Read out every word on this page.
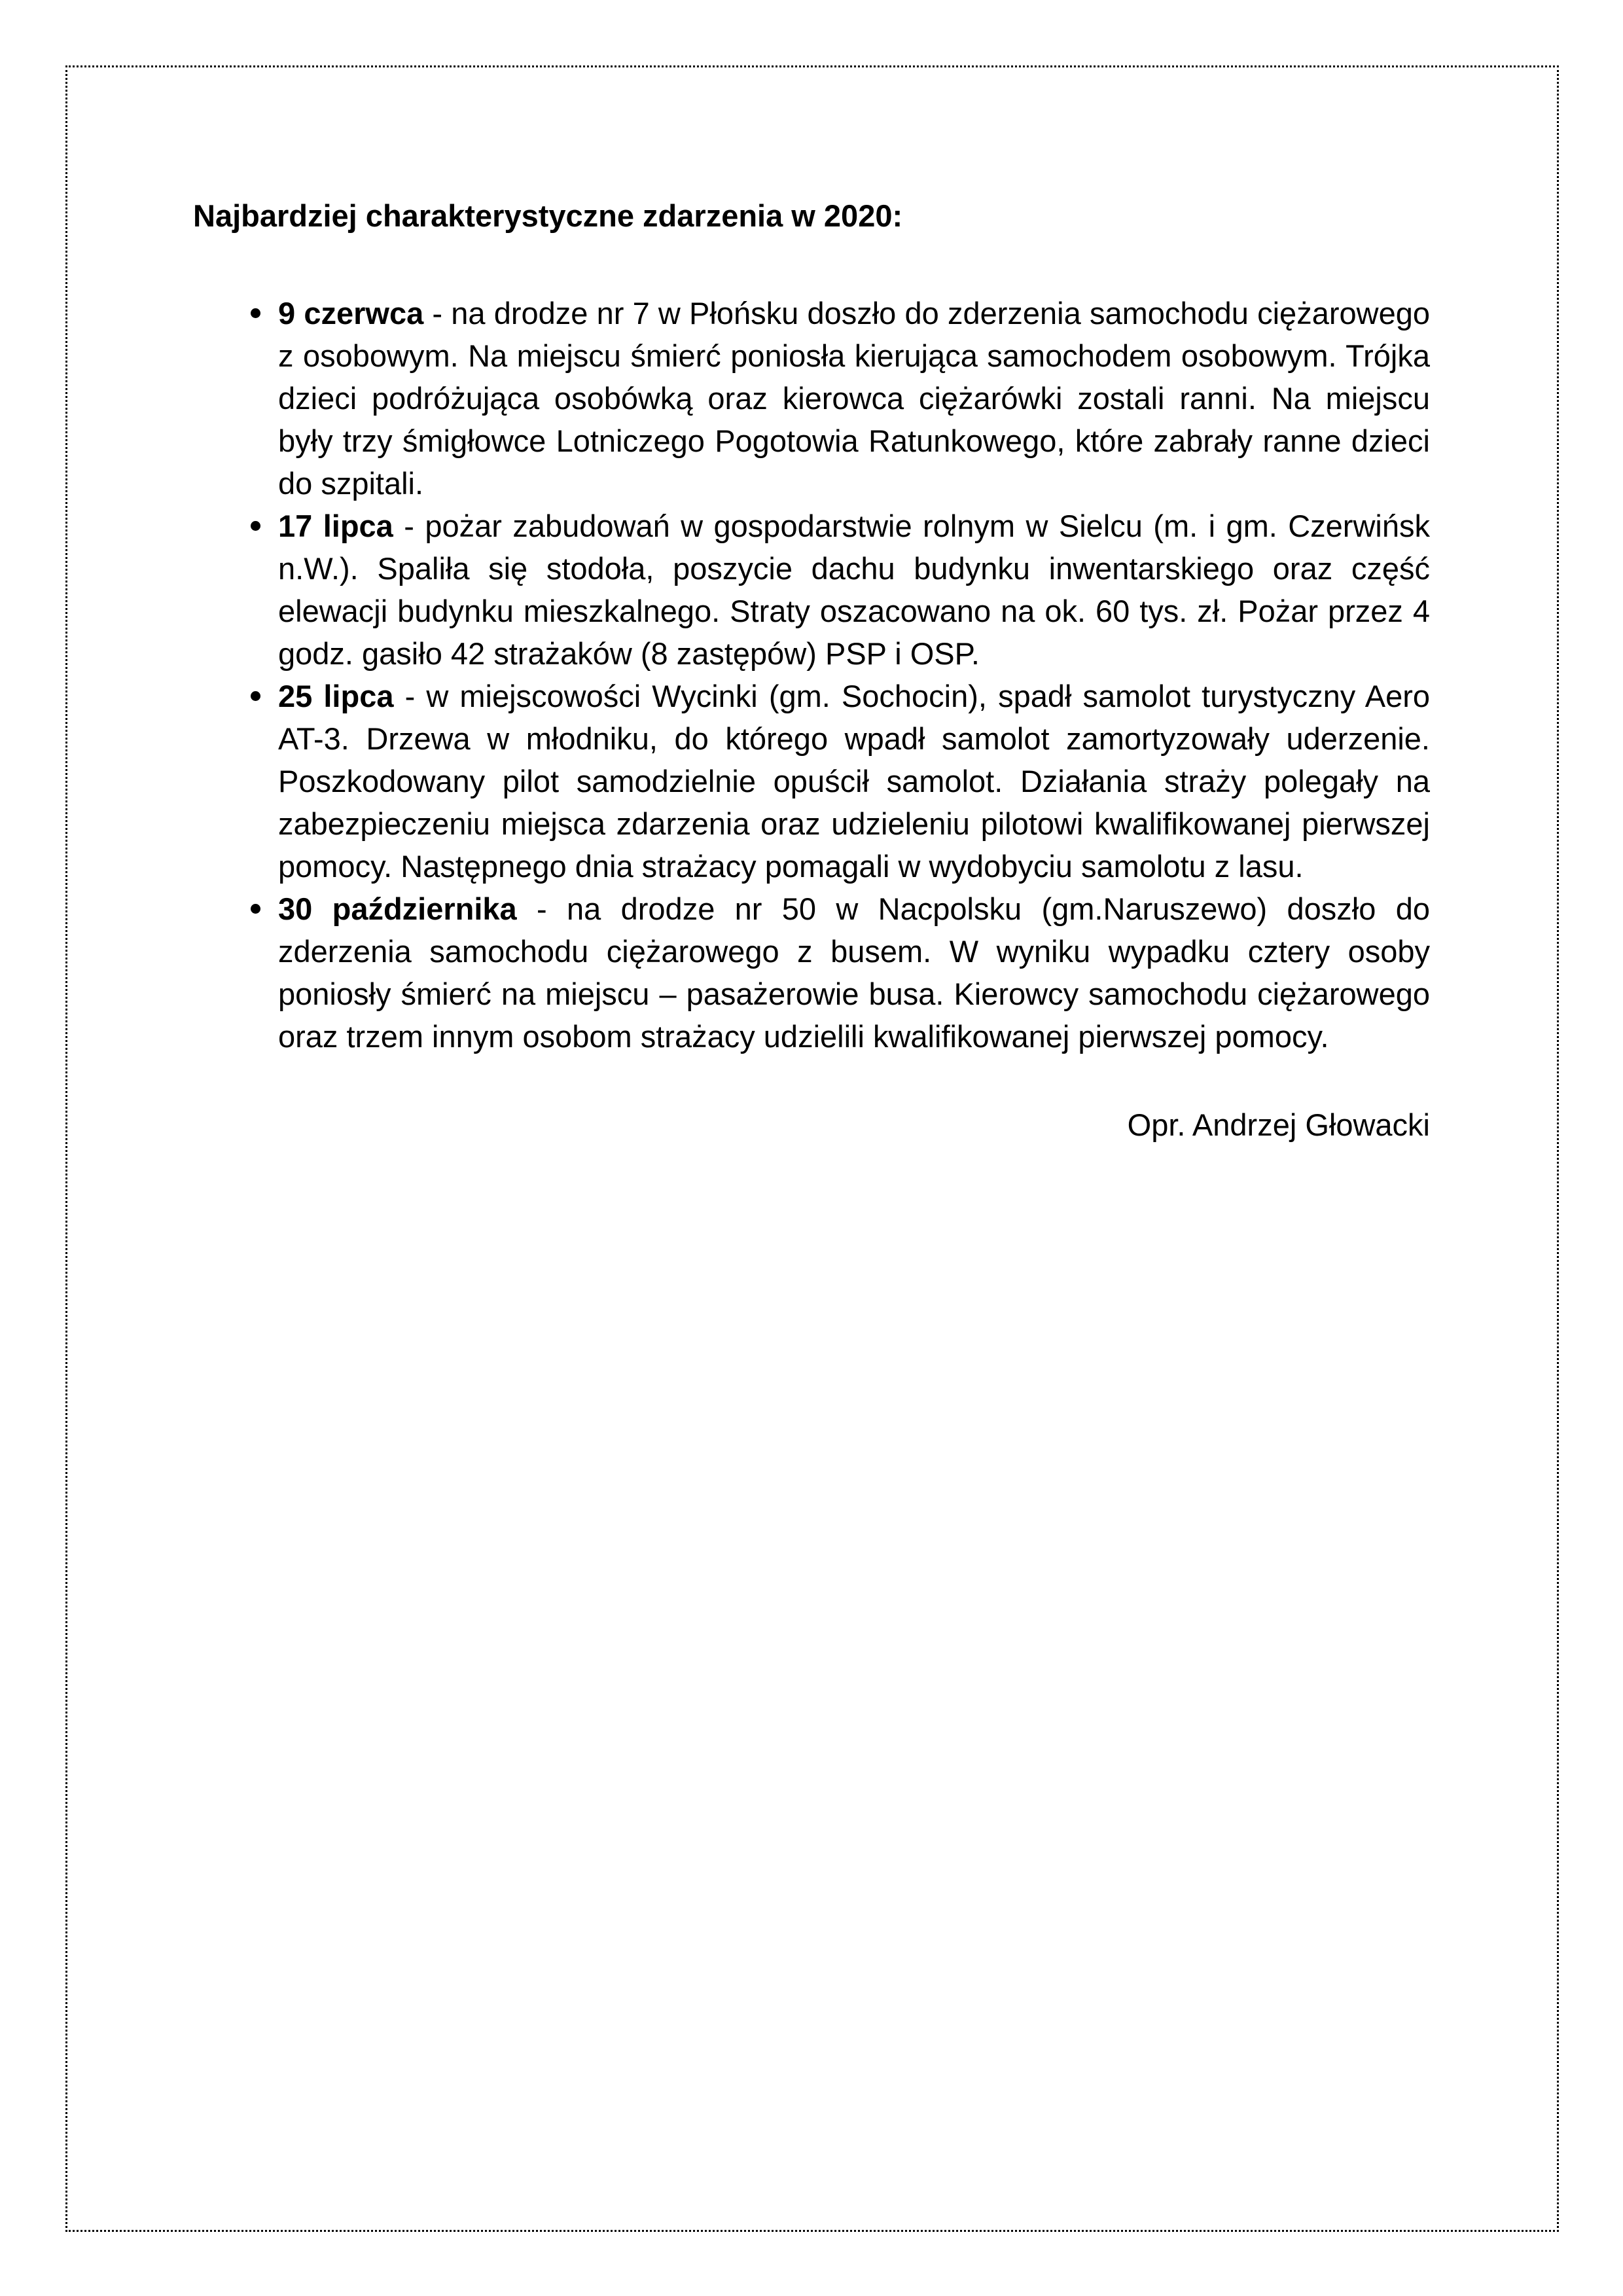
Najbardziej charakterystyczne zdarzenia w 2020:
9 czerwca - na drodze nr 7 w Płońsku doszło do zderzenia samochodu ciężarowego z osobowym. Na miejscu śmierć poniosła kierująca samochodem osobowym. Trójka dzieci podróżująca osobówką oraz kierowca ciężarówki zostali ranni. Na miejscu były trzy śmigłowce Lotniczego Pogotowia Ratunkowego, które zabrały ranne dzieci do szpitali.
17 lipca - pożar zabudowań w gospodarstwie rolnym w Sielcu (m. i gm. Czerwińsk n.W.). Spaliła się stodoła, poszycie dachu budynku inwentarskiego oraz część elewacji budynku mieszkalnego. Straty oszacowano na ok. 60 tys. zł. Pożar przez 4 godz. gasiło 42 strażaków (8 zastępów) PSP i OSP.
25 lipca - w miejscowości Wycinki (gm. Sochocin), spadł samolot turystyczny Aero AT-3. Drzewa w młodniku, do którego wpadł samolot zamortyzowały uderzenie. Poszkodowany pilot samodzielnie opuścił samolot. Działania straży polegały na zabezpieczeniu miejsca zdarzenia oraz udzieleniu pilotowi kwalifikowanej pierwszej pomocy. Następnego dnia strażacy pomagali w wydobyciu samolotu z lasu.
30 października - na drodze nr 50 w Nacpolsku (gm.Naruszewo) doszło do zderzenia samochodu ciężarowego z busem. W wyniku wypadku cztery osoby poniosły śmierć na miejscu – pasażerowie busa. Kierowcy samochodu ciężarowego oraz trzem innym osobom strażacy udzielili kwalifikowanej pierwszej pomocy.

Opr. Andrzej Głowacki
